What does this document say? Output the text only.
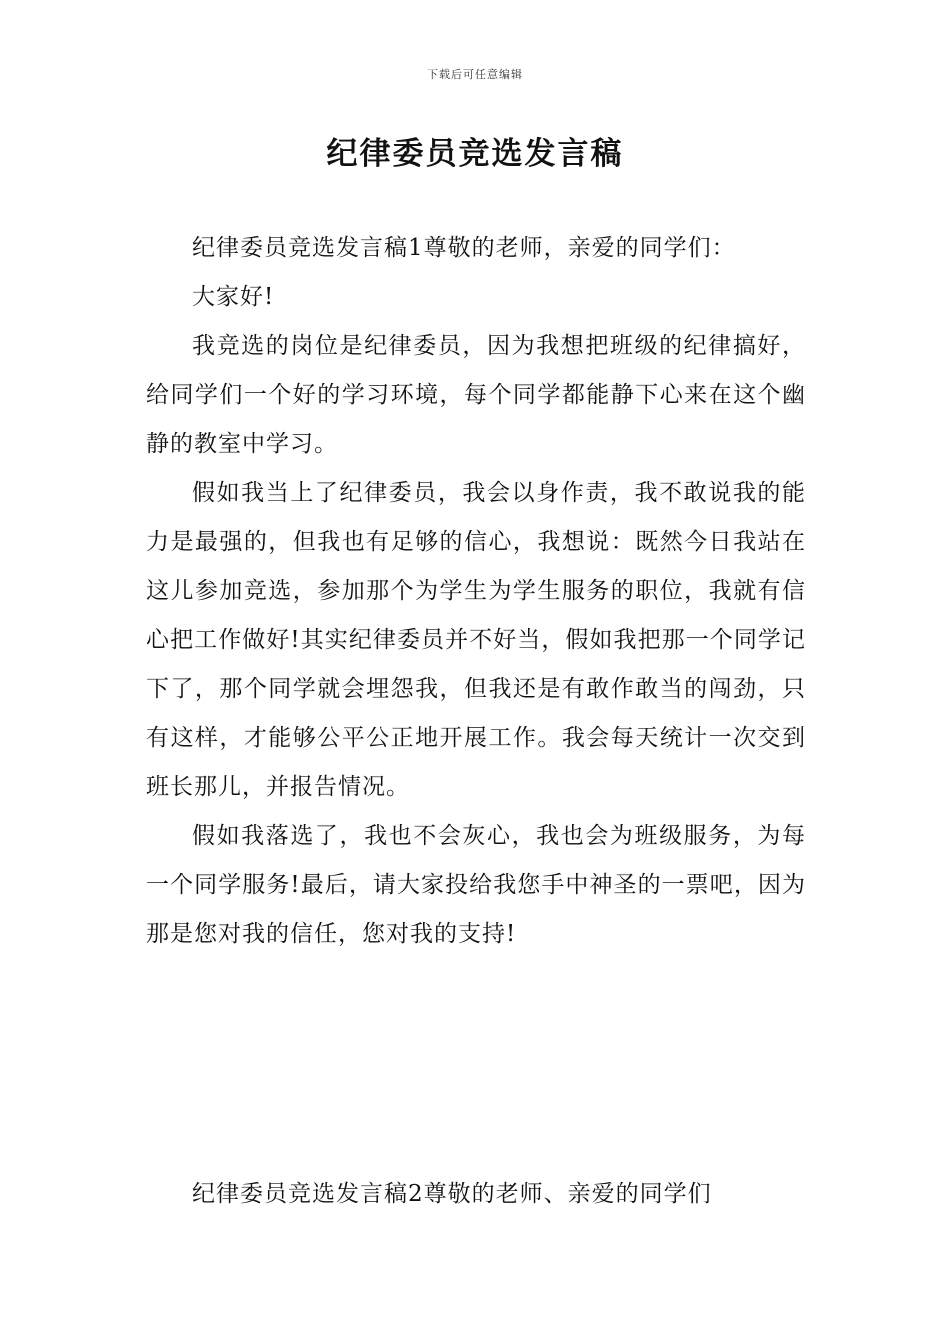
下载后可任意编辑
纪律委员竞选发言稿

纪律委员竞选发言稿1尊敬的老师，亲爱的同学们：

大家好!

我竞选的岗位是纪律委员，因为我想把班级的纪律搞好，给同学们一个好的学习环境，每个同学都能静下心来在这个幽静的教室中学习。

假如我当上了纪律委员，我会以身作责，我不敢说我的能力是最强的，但我也有足够的信心，我想说：既然今日我站在这儿参加竞选，参加那个为学生为学生服务的职位，我就有信心把工作做好!其实纪律委员并不好当，假如我把那一个同学记下了，那个同学就会埋怨我，但我还是有敢作敢当的闯劲，只有这样，才能够公平公正地开展工作。我会每天统计一次交到班长那儿，并报告情况。

假如我落选了，我也不会灰心，我也会为班级服务，为每一个同学服务!最后，请大家投给我您手中神圣的一票吧，因为那是您对我的信任，您对我的支持!

纪律委员竞选发言稿2尊敬的老师、亲爱的同学们
